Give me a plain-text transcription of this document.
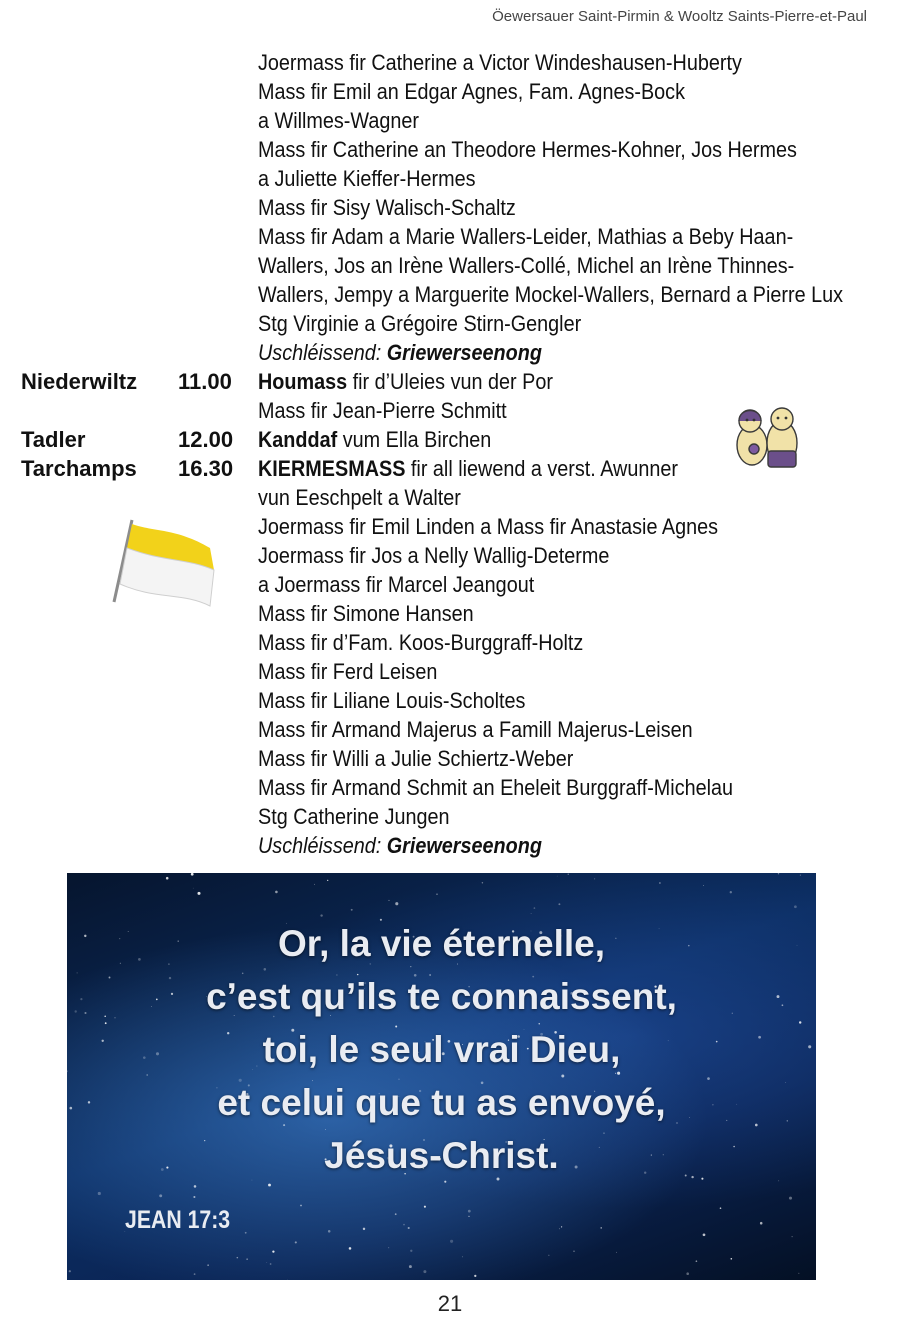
Öewersauer Saint-Pirmin & Wooltz Saints-Pierre-et-Paul
Joermass fir Catherine a Victor Windeshausen-Huberty
Mass fir Emil an Edgar Agnes, Fam. Agnes-Bock
a Willmes-Wagner
Mass fir Catherine an Theodore Hermes-Kohner, Jos Hermes
a Juliette Kieffer-Hermes
Mass fir Sisy Walisch-Schaltz
Mass fir Adam a Marie Wallers-Leider, Mathias a Beby Haan-
Wallers, Jos an Irène Wallers-Collé, Michel an Irène Thinnes-
Wallers, Jempy a Marguerite Mockel-Wallers, Bernard a Pierre Lux
Stg Virginie a Grégoire Stirn-Gengler
Uschléissend: Griewerseenong
Niederwiltz 11.00 Houmass fir d’Uleies vun der Por
Mass fir Jean-Pierre Schmitt
Tadler	12.00 Kanddaf vum Ella Birchen
Tarchamps 16.30 KIERMESMASS fir all liewend a verst. Awunner
vun Eeschpelt a Walter
Joermass fir Emil Linden a Mass fir Anastasie Agnes
Joermass fir Jos a Nelly Wallig-Determe
a Joermass fir Marcel Jeangout
Mass fir Simone Hansen
Mass fir d’Fam. Koos-Burggraff-Holtz
Mass fir Ferd Leisen
Mass fir Liliane Louis-Scholtes
Mass fir Armand Majerus a Famill Majerus-Leisen
Mass fir Willi a Julie Schiertz-Weber
Mass fir Armand Schmit an Eheleit Burggraff-Michelau
Stg Catherine Jungen
Uschléissend: Griewerseenong
Or, la vie éternelle,
c’est qu’ils te connaissent,
toi, le seul vrai Dieu,
et celui que tu as envoyé,
Jésus-Christ.
JEAN 17:3
21
